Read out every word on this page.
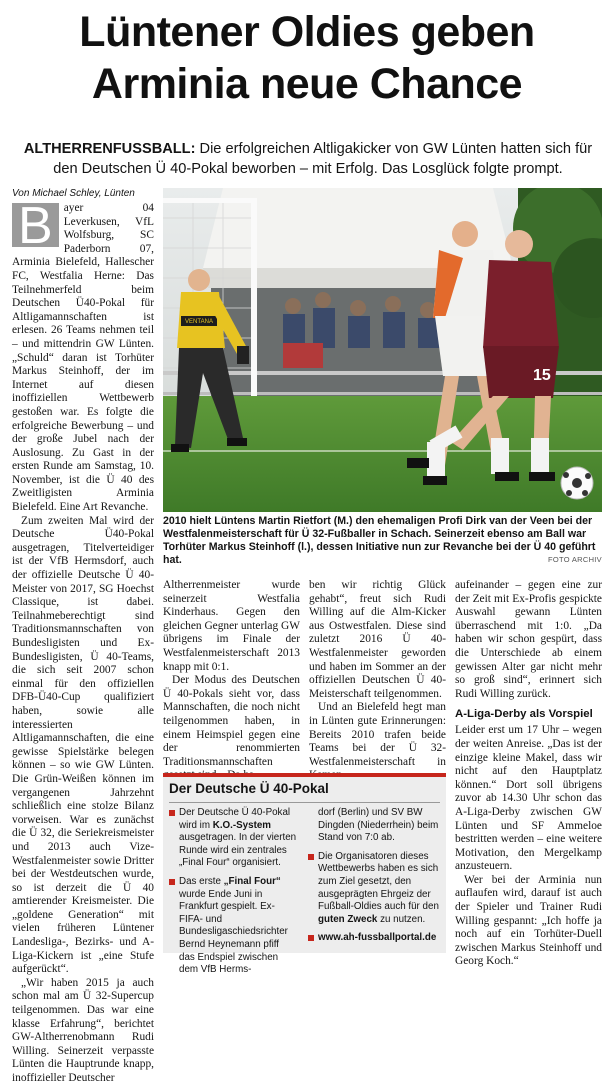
Lüntener Oldies geben
Arminia neue Chance

ALTHERRENFUSSBALL: Die erfolgreichen Altligakicker von GW Lünten hatten sich für den Deutschen Ü 40-Pokal beworben – mit Erfolg. Das Losglück folgte prompt.

Von Michael Schley, Lünten

B ayer 04 Leverkusen, VfL Wolfsburg, SC Paderborn 07, Arminia Bielefeld, Hallescher FC, Westfalia Herne: Das Teilnehmerfeld beim Deutschen Ü40-Pokal für Altligamannschaften ist erlesen. 26 Teams nehmen teil – und mittendrin GW Lünten. „Schuld“ daran ist Torhüter Markus Steinhoff, der im Internet auf diesen inoffiziellen Wettbewerb gestoßen war. Es folgte die erfolgreiche Bewerbung – und der große Jubel nach der Auslosung. Zu Gast in der ersten Runde am Samstag, 10. November, ist die Ü 40 des Zweitligisten Arminia Bielefeld. Eine Art Revanche.

Zum zweiten Mal wird der Deutsche Ü40-Pokal ausgetragen, Titelverteidiger ist der VfB Hermsdorf, auch der offizielle Deutsche Ü 40-Meister von 2017, SG Hoechst Classique, ist dabei. Teilnahmeberechtigt sind Traditionsmannschaften von Bundesligisten und Ex-Bundesligisten, Ü 40-Teams, die sich seit 2007 schon einmal für den offiziellen DFB-Ü40-Cup qualifiziert haben, sowie alle interessierten Altligamannschaften, die eine gewisse Spielstärke belegen können – so wie GW Lünten. Die Grün-Weißen können im vergangenen Jahrzehnt schließlich eine stolze Bilanz vorweisen. War es zunächst die Ü 32, die Seriekreismeister und 2013 auch Vize-Westfalenmeister sowie Dritter bei der Westdeutschen wurde, so ist derzeit die Ü 40 amtierender Kreismeister. Die „goldene Generation“ mit vielen früheren Lüntener Landesliga-, Bezirks- und A-Liga-Kickern ist „eine Stufe aufgerückt“.

„Wir haben 2015 ja auch schon mal am Ü 32-Supercup teilgenommen. Das war eine klasse Erfahrung“, berichtet GW-Altherrenobmann Rudi Willing. Seinerzeit verpasste Lünten die Hauptrunde knapp, inoffizieller Deutscher

VENTANA
15

2010 hielt Lüntens Martin Rietfort (M.) den ehemaligen Profi Dirk van der Veen bei der Westfalenmeisterschaft für Ü 32-Fußballer in Schach. Seinerzeit ebenso am Ball war Torhüter Markus Steinhoff (l.), dessen Initiative nun zur Revanche bei der Ü 40 geführt hat.	FOTO ARCHIV

Altherrenmeister wurde seinerzeit Westfalia Kinderhaus. Gegen den gleichen Gegner unterlag GW übrigens im Finale der Westfalenmeisterschaft 2013 knapp mit 0:1.

Der Modus des Deutschen Ü 40-Pokals sieht vor, dass Mannschaften, die noch nicht teilgenommen haben, in einem Heimspiel gegen eine der renommierten Traditionsmannschaften

ben wir richtig Glück gehabt“, freut sich Rudi Willing auf die Alm-Kicker aus Ostwestfalen. Diese sind zuletzt 2016 Ü 40-Westfalenmeister geworden und haben im Sommer an der offiziellen Deutschen Ü 40-Meisterschaft teilgenommen.

Und an Bielefeld hegt man in Lünten gute Erinnerungen: Bereits 2010 trafen beide Teams bei der Ü 32-Westfalenmeisterschaft in

aufeinander – gegen eine zur der Zeit mit Ex-Profis gespickte Auswahl gewann Lünten überraschend mit 1:0. „Da haben wir schon gespürt, dass die Unterschiede ab einem gewissen Alter gar nicht mehr so groß sind“, erinnert sich Rudi Willing zurück.

A-Liga-Derby als Vorspiel

Leider erst um 17 Uhr – wegen der weiten Anreise. „Das ist der einzige kleine Makel, dass wir nicht auf den Hauptplatz können.“ Dort soll übrigens zuvor ab 14.30 Uhr schon das A-Liga-Derby zwischen GW Lünten und SF Ammeloe bestritten werden – eine weitere Motivation, den Mergelkamp anzusteuern.

Wer bei der Arminia nun auflaufen wird, darauf ist auch der Spieler und Trainer Rudi Willing gespannt: „Ich hoffe ja noch auf ein Torhüter-Duell zwischen Markus Steinhoff und Georg Koch.“

Der Deutsche Ü 40-Pokal
Der Deutsche Ü 40-Pokal wird im K.O.-System ausgetragen. In der vierten Runde wird ein zentrales „Final Four“ organisiert.
Das erste „Final Four“ wurde Ende Juni in Frankfurt gespielt. Ex-FIFA- und Bundesligaschiedsrichter Bernd Heynemann pfiff das Endspiel zwischen dem VfB Herms-
dorf (Berlin) und SV BW Dingden (Niederrhein) beim Stand von 7:0 ab.
Die Organisatoren dieses Wettbewerbs haben es sich zum Ziel gesetzt, den ausgeprägten Ehrgeiz der Fußball-Oldies auch für den guten Zweck zu nutzen.
www.ah-fussballportal.de
